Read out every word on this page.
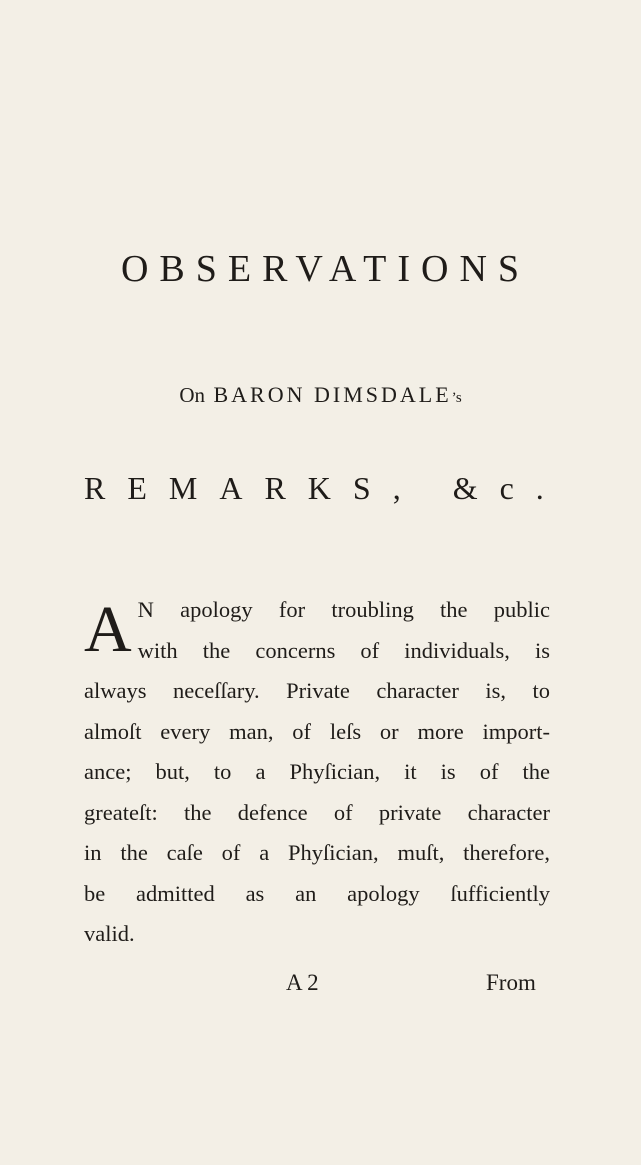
OBSERVATIONS
On BARON DIMSDALE’s
REMARKS, &c.
A N apology for troubling the public
with the concerns of individuals, is
always neceſſary. Private character is, to
almoſt every man, of leſs or more import-
ance; but, to a Phyſician, it is of the
greateſt: the defence of private character
in the caſe of a Phyſician, muſt, therefore,
be admitted as an apology ſufficiently
valid.
A 2	From
